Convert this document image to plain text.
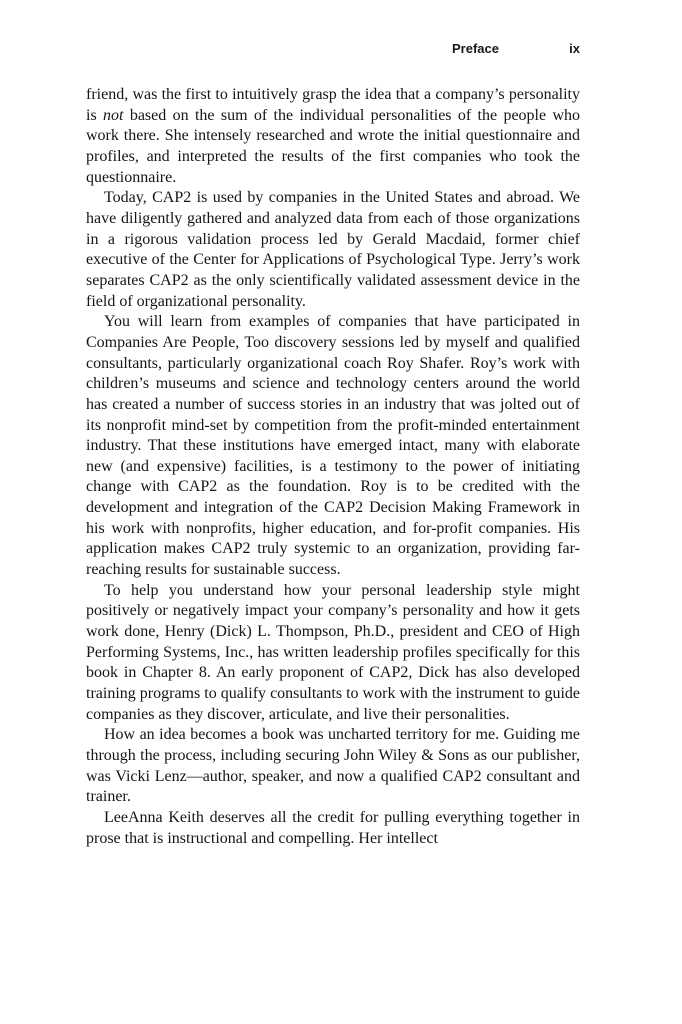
Preface	ix

friend, was the first to intuitively grasp the idea that a company’s personality is not based on the sum of the individual personalities of the people who work there. She intensely researched and wrote the initial questionnaire and profiles, and interpreted the results of the first companies who took the questionnaire.

Today, CAP2 is used by companies in the United States and abroad. We have diligently gathered and analyzed data from each of those organizations in a rigorous validation process led by Gerald Macdaid, former chief executive of the Center for Applications of Psychological Type. Jerry’s work separates CAP2 as the only scientifically validated assessment device in the field of organizational personality.

You will learn from examples of companies that have participated in Companies Are People, Too discovery sessions led by myself and qualified consultants, particularly organizational coach Roy Shafer. Roy’s work with children’s museums and science and technology centers around the world has created a number of success stories in an industry that was jolted out of its nonprofit mind-set by competition from the profit-minded entertainment industry. That these institutions have emerged intact, many with elaborate new (and expensive) facilities, is a testimony to the power of initiating change with CAP2 as the foundation. Roy is to be credited with the development and integration of the CAP2 Decision Making Framework in his work with nonprofits, higher education, and for-profit companies. His application makes CAP2 truly systemic to an organization, providing far-reaching results for sustainable success.

To help you understand how your personal leadership style might positively or negatively impact your company’s personality and how it gets work done, Henry (Dick) L. Thompson, Ph.D., president and CEO of High Performing Systems, Inc., has written leadership profiles specifically for this book in Chapter 8. An early proponent of CAP2, Dick has also developed training programs to qualify consultants to work with the instrument to guide companies as they discover, articulate, and live their personalities.

How an idea becomes a book was uncharted territory for me. Guiding me through the process, including securing John Wiley & Sons as our publisher, was Vicki Lenz—author, speaker, and now a qualified CAP2 consultant and trainer.

LeeAnna Keith deserves all the credit for pulling everything together in prose that is instructional and compelling. Her intellect
